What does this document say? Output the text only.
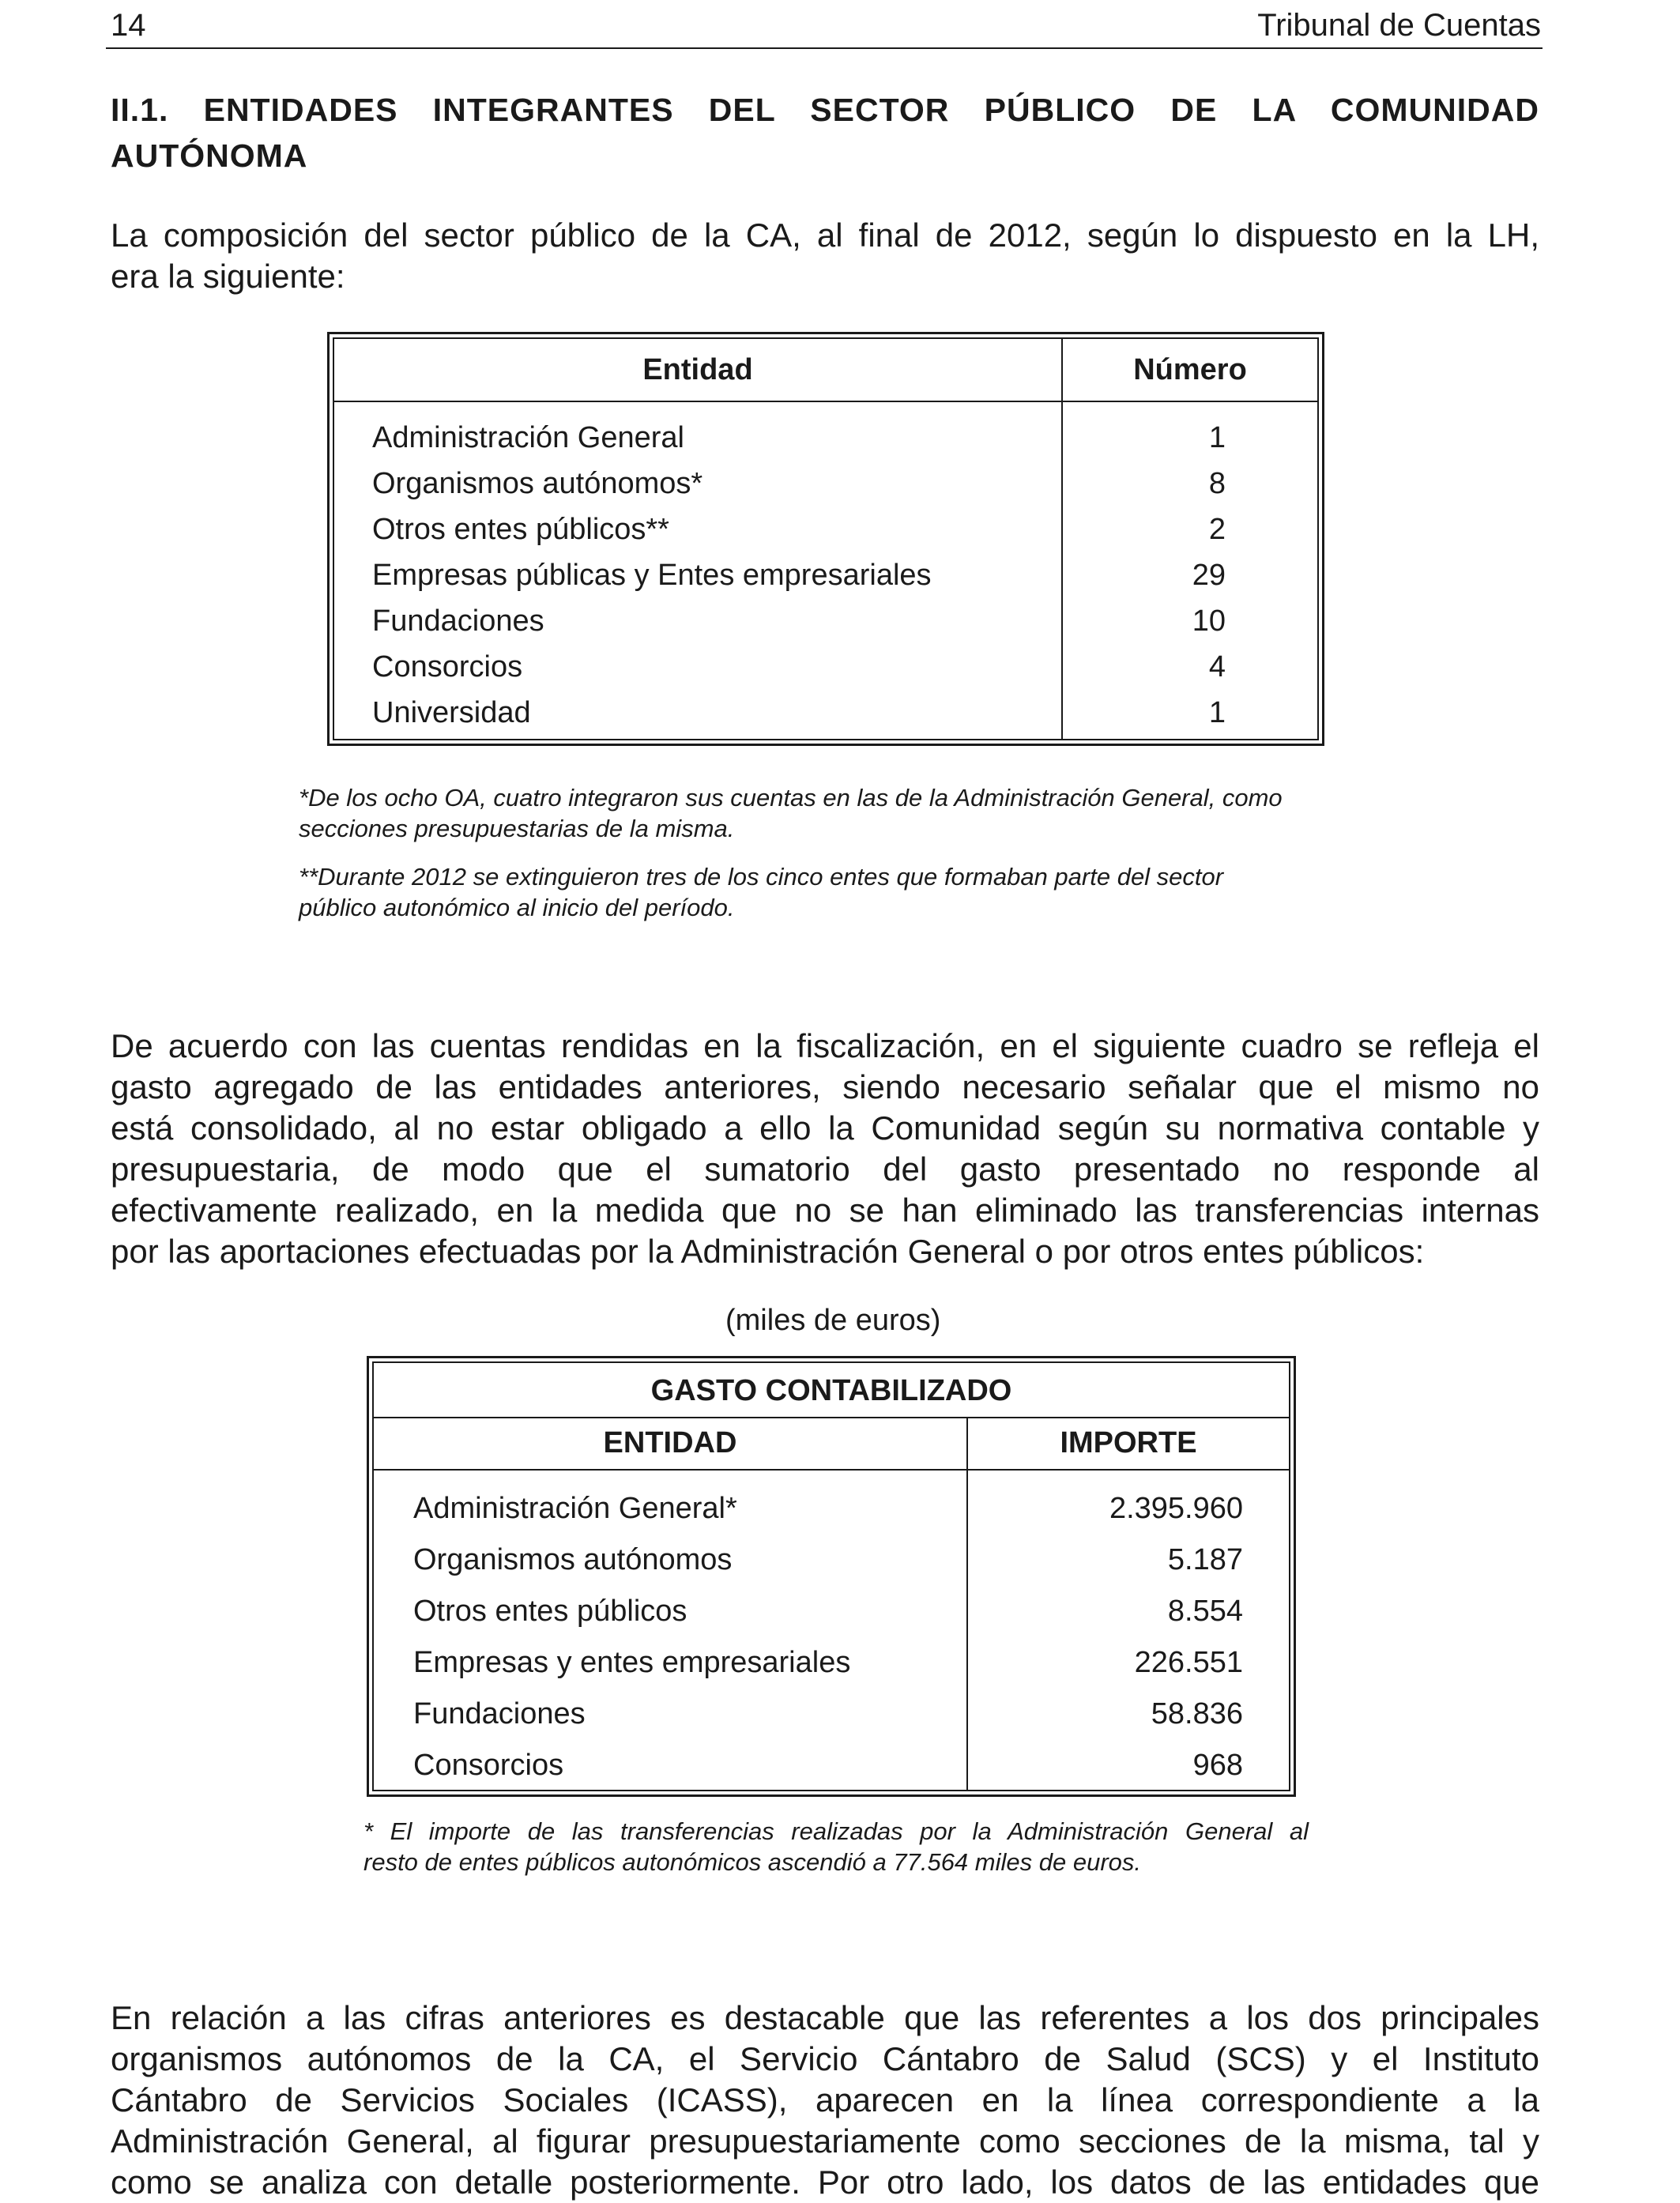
14	Tribunal de Cuentas
II.1. ENTIDADES INTEGRANTES DEL SECTOR PÚBLICO DE LA COMUNIDAD
AUTÓNOMA
La composición del sector público de la CA, al final de 2012, según lo dispuesto en la LH,
era la siguiente:
Entidad	Número
Administración General	1
Organismos autónomos*	8
Otros entes públicos**	2
Empresas públicas y Entes empresariales	29
Fundaciones	10
Consorcios	4
Universidad	1
*De los ocho OA, cuatro integraron sus cuentas en las de la Administración General, como
secciones presupuestarias de la misma.
**Durante 2012 se extinguieron tres de los cinco entes que formaban parte del sector
público autonómico al inicio del período.
De acuerdo con las cuentas rendidas en la fiscalización, en el siguiente cuadro se refleja el
gasto agregado de las entidades anteriores, siendo necesario señalar que el mismo no
está consolidado, al no estar obligado a ello la Comunidad según su normativa contable y
presupuestaria, de modo que el sumatorio del gasto presentado no responde al
efectivamente realizado, en la medida que no se han eliminado las transferencias internas
por las aportaciones efectuadas por la Administración General o por otros entes públicos:
(miles de euros)
GASTO CONTABILIZADO
ENTIDAD	IMPORTE
Administración General*	2.395.960
Organismos autónomos	5.187
Otros entes públicos	8.554
Empresas y entes empresariales	226.551
Fundaciones	58.836
Consorcios	968
* El importe de las transferencias realizadas por la Administración General al
resto de entes públicos autonómicos ascendió a 77.564 miles de euros.
En relación a las cifras anteriores es destacable que las referentes a los dos principales
organismos autónomos de la CA, el Servicio Cántabro de Salud (SCS) y el Instituto
Cántabro de Servicios Sociales (ICASS), aparecen en la línea correspondiente a la
Administración General, al figurar presupuestariamente como secciones de la misma, tal y
como se analiza con detalle posteriormente. Por otro lado, los datos de las entidades que
